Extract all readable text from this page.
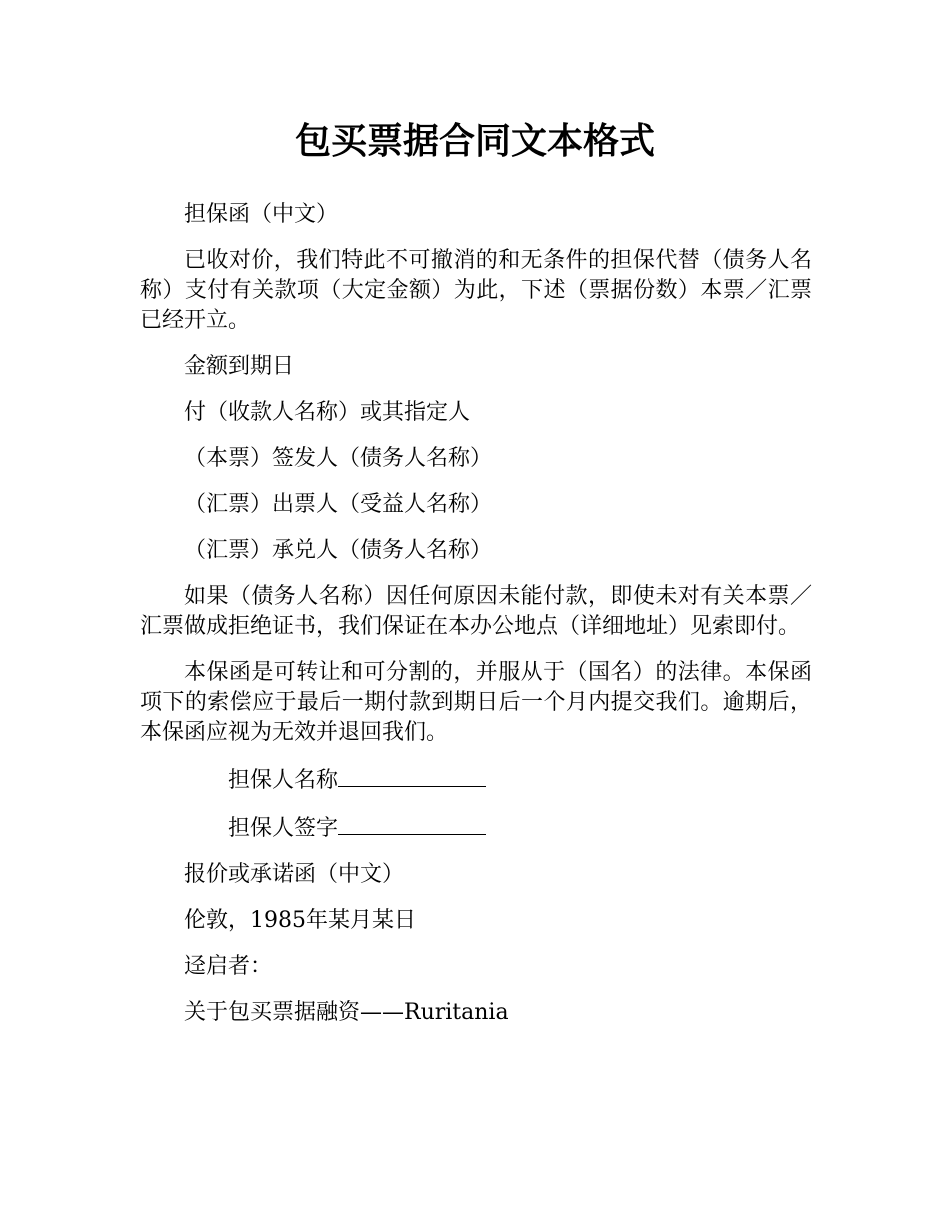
包买票据合同文本格式

担保函（中文）

已收对价，我们特此不可撤消的和无条件的担保代替（债务人名称）支付有关款项（大定金额）为此，下述（票据份数）本票／汇票已经开立。

金额到期日

付（收款人名称）或其指定人

（本票）签发人（债务人名称）

（汇票）出票人（受益人名称）

（汇票）承兑人（债务人名称）

如果（债务人名称）因任何原因未能付款，即使未对有关本票／汇票做成拒绝证书，我们保证在本办公地点（详细地址）见索即付。

本保函是可转让和可分割的，并服从于（国名）的法律。本保函项下的索偿应于最后一期付款到期日后一个月内提交我们。逾期后，本保函应视为无效并退回我们。

担保人名称

担保人签字

报价或承诺函（中文）

伦敦，1985年某月某日

迳启者：

关于包买票据融资——Ruritania
